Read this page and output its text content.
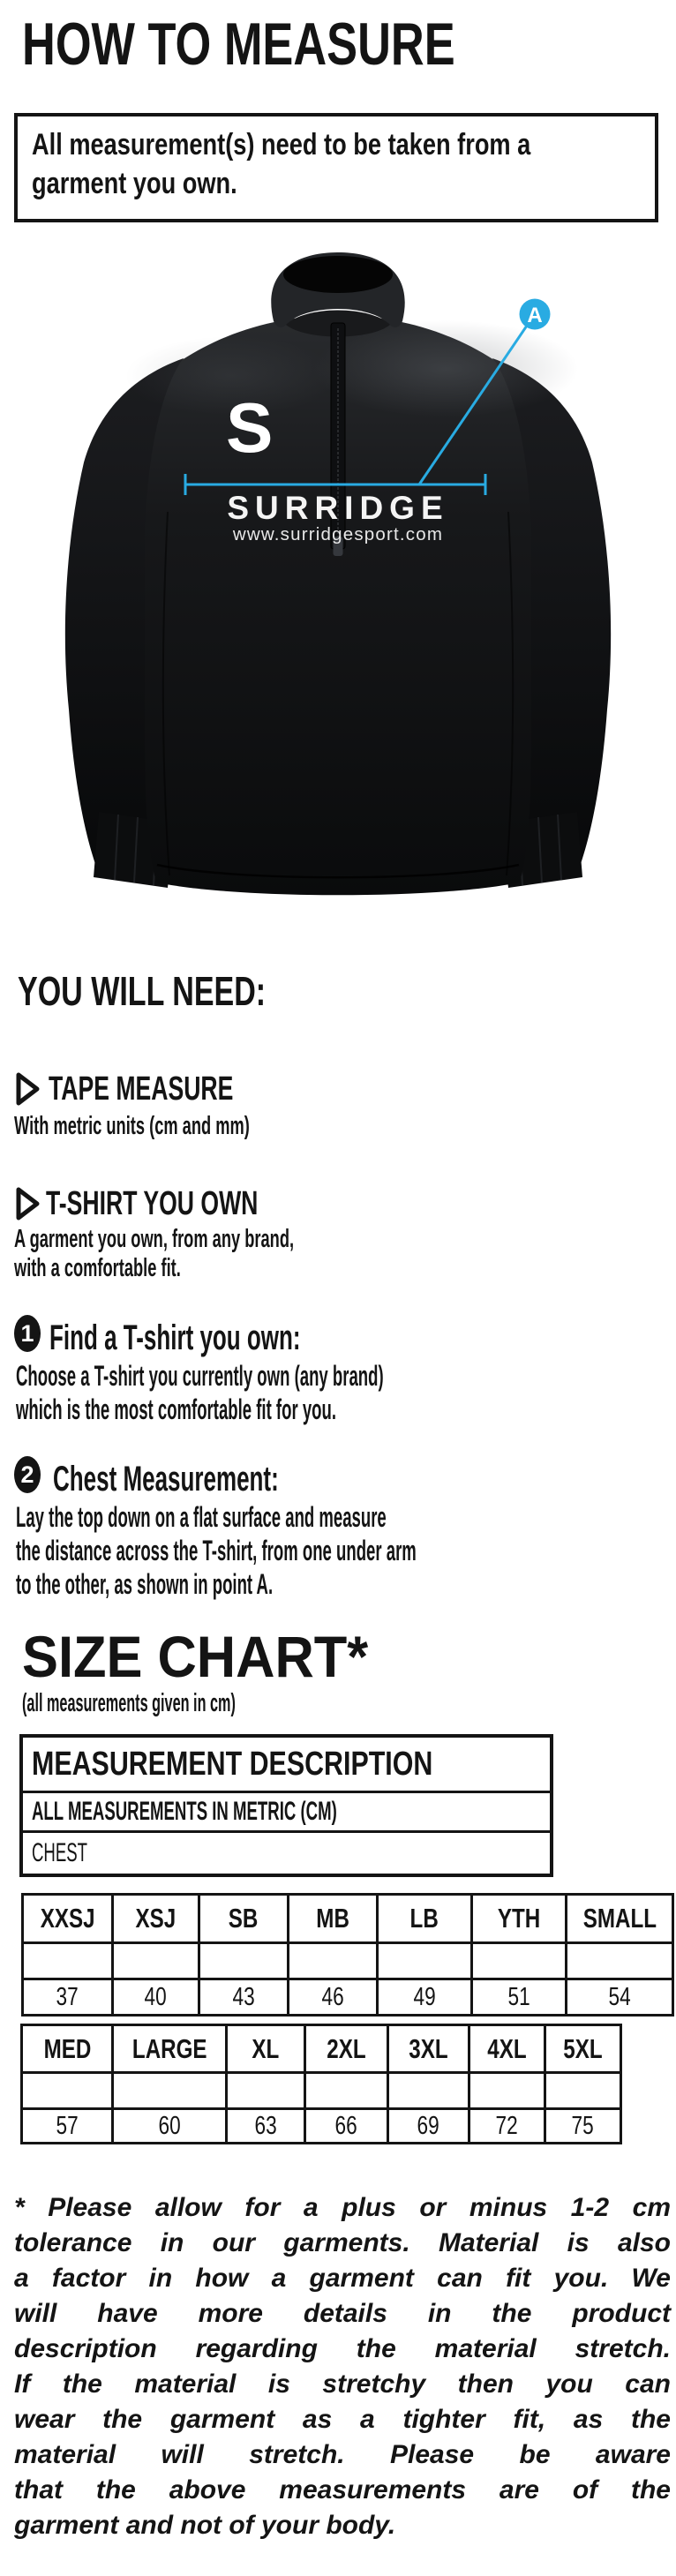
HOW TO MEASURE
All measurement(s) need to be taken from a
garment you own.
S
SURRIDGE
www.surridgesport.com
A
YOU WILL NEED:
TAPE MEASURE
With metric units (cm and mm)
T-SHIRT YOU OWN
A garment you own, from any brand,
with a comfortable fit.
1 Find a T-shirt you own:
Choose a T-shirt you currently own (any brand)
which is the most comfortable fit for you.
2 Chest Measurement:
Lay the top down on a flat surface and measure
the distance across the T-shirt, from one under arm
to the other, as shown in point A.
SIZE CHART*
(all measurements given in cm)
MEASUREMENT DESCRIPTION
ALL MEASUREMENTS IN METRIC (CM)
CHEST
XXSJ XSJ SB MB LB YTH SMALL
37	40	43	46	49	51	54
MED LARGE XL 2XL 3XL 4XL 5XL
57	60	63 66 69 72 75
* Please allow for a plus or minus 1-2 cm
tolerance in our garments. Material is also
a factor in how a garment can fit you. We
will have more details in the product
description regarding the material stretch.
If the material is stretchy then you can
wear the garment as a tighter fit, as the
material will stretch. Please be aware
that the above measurements are of the
garment and not of your body.
